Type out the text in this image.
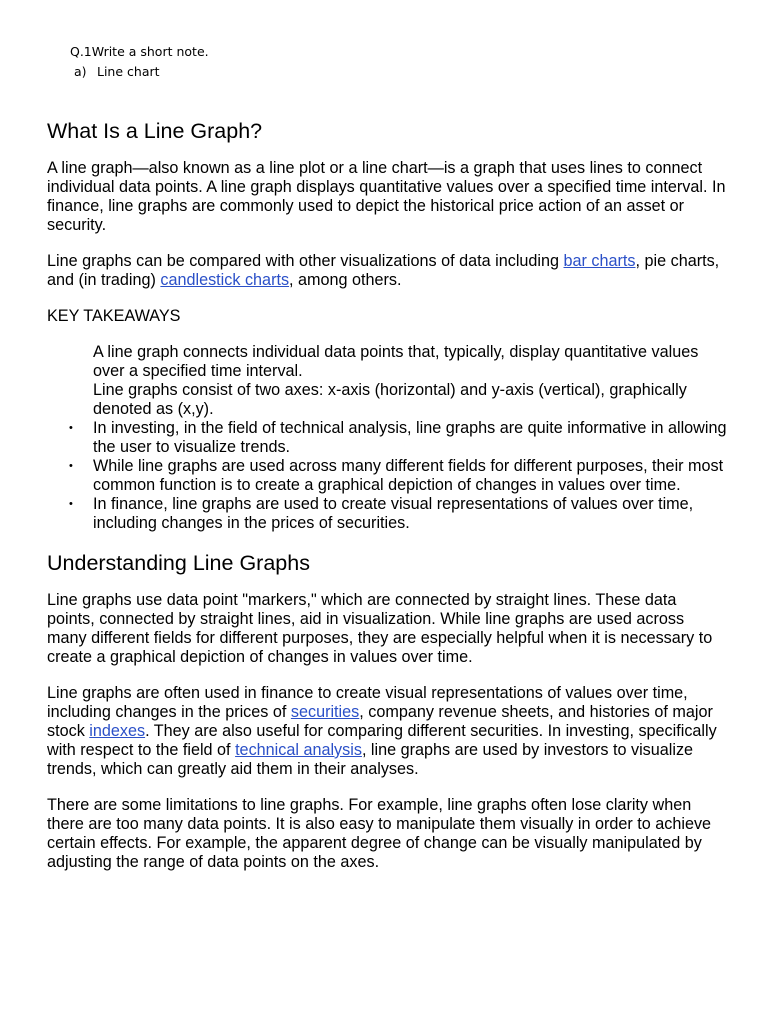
Q.1Write a short note.
a) Line chart
What Is a Line Graph?

A line graph—also known as a line plot or a line chart—is a graph that uses lines to connect individual data points. A line graph displays quantitative values over a specified time interval. In finance, line graphs are commonly used to depict the historical price action of an asset or security.

Line graphs can be compared with other visualizations of data including bar charts, pie charts, and (in trading) candlestick charts, among others.

KEY TAKEAWAYS
A line graph connects individual data points that, typically, display quantitative values over a specified time interval.
Line graphs consist of two axes: x-axis (horizontal) and y-axis (vertical), graphically denoted as (x,y).
• In investing, in the field of technical analysis, line graphs are quite informative in allowing the user to visualize trends.
• While line graphs are used across many different fields for different purposes, their most common function is to create a graphical depiction of changes in values over time.
• In finance, line graphs are used to create visual representations of values over time, including changes in the prices of securities.
Understanding Line Graphs

Line graphs use data point "markers," which are connected by straight lines. These data points, connected by straight lines, aid in visualization. While line graphs are used across many different fields for different purposes, they are especially helpful when it is necessary to create a graphical depiction of changes in values over time.

Line graphs are often used in finance to create visual representations of values over time, including changes in the prices of securities, company revenue sheets, and histories of major stock indexes. They are also useful for comparing different securities. In investing, specifically with respect to the field of technical analysis, line graphs are used by investors to visualize trends, which can greatly aid them in their analyses.

There are some limitations to line graphs. For example, line graphs often lose clarity when there are too many data points. It is also easy to manipulate them visually in order to achieve certain effects. For example, the apparent degree of change can be visually manipulated by adjusting the range of data points on the axes.
